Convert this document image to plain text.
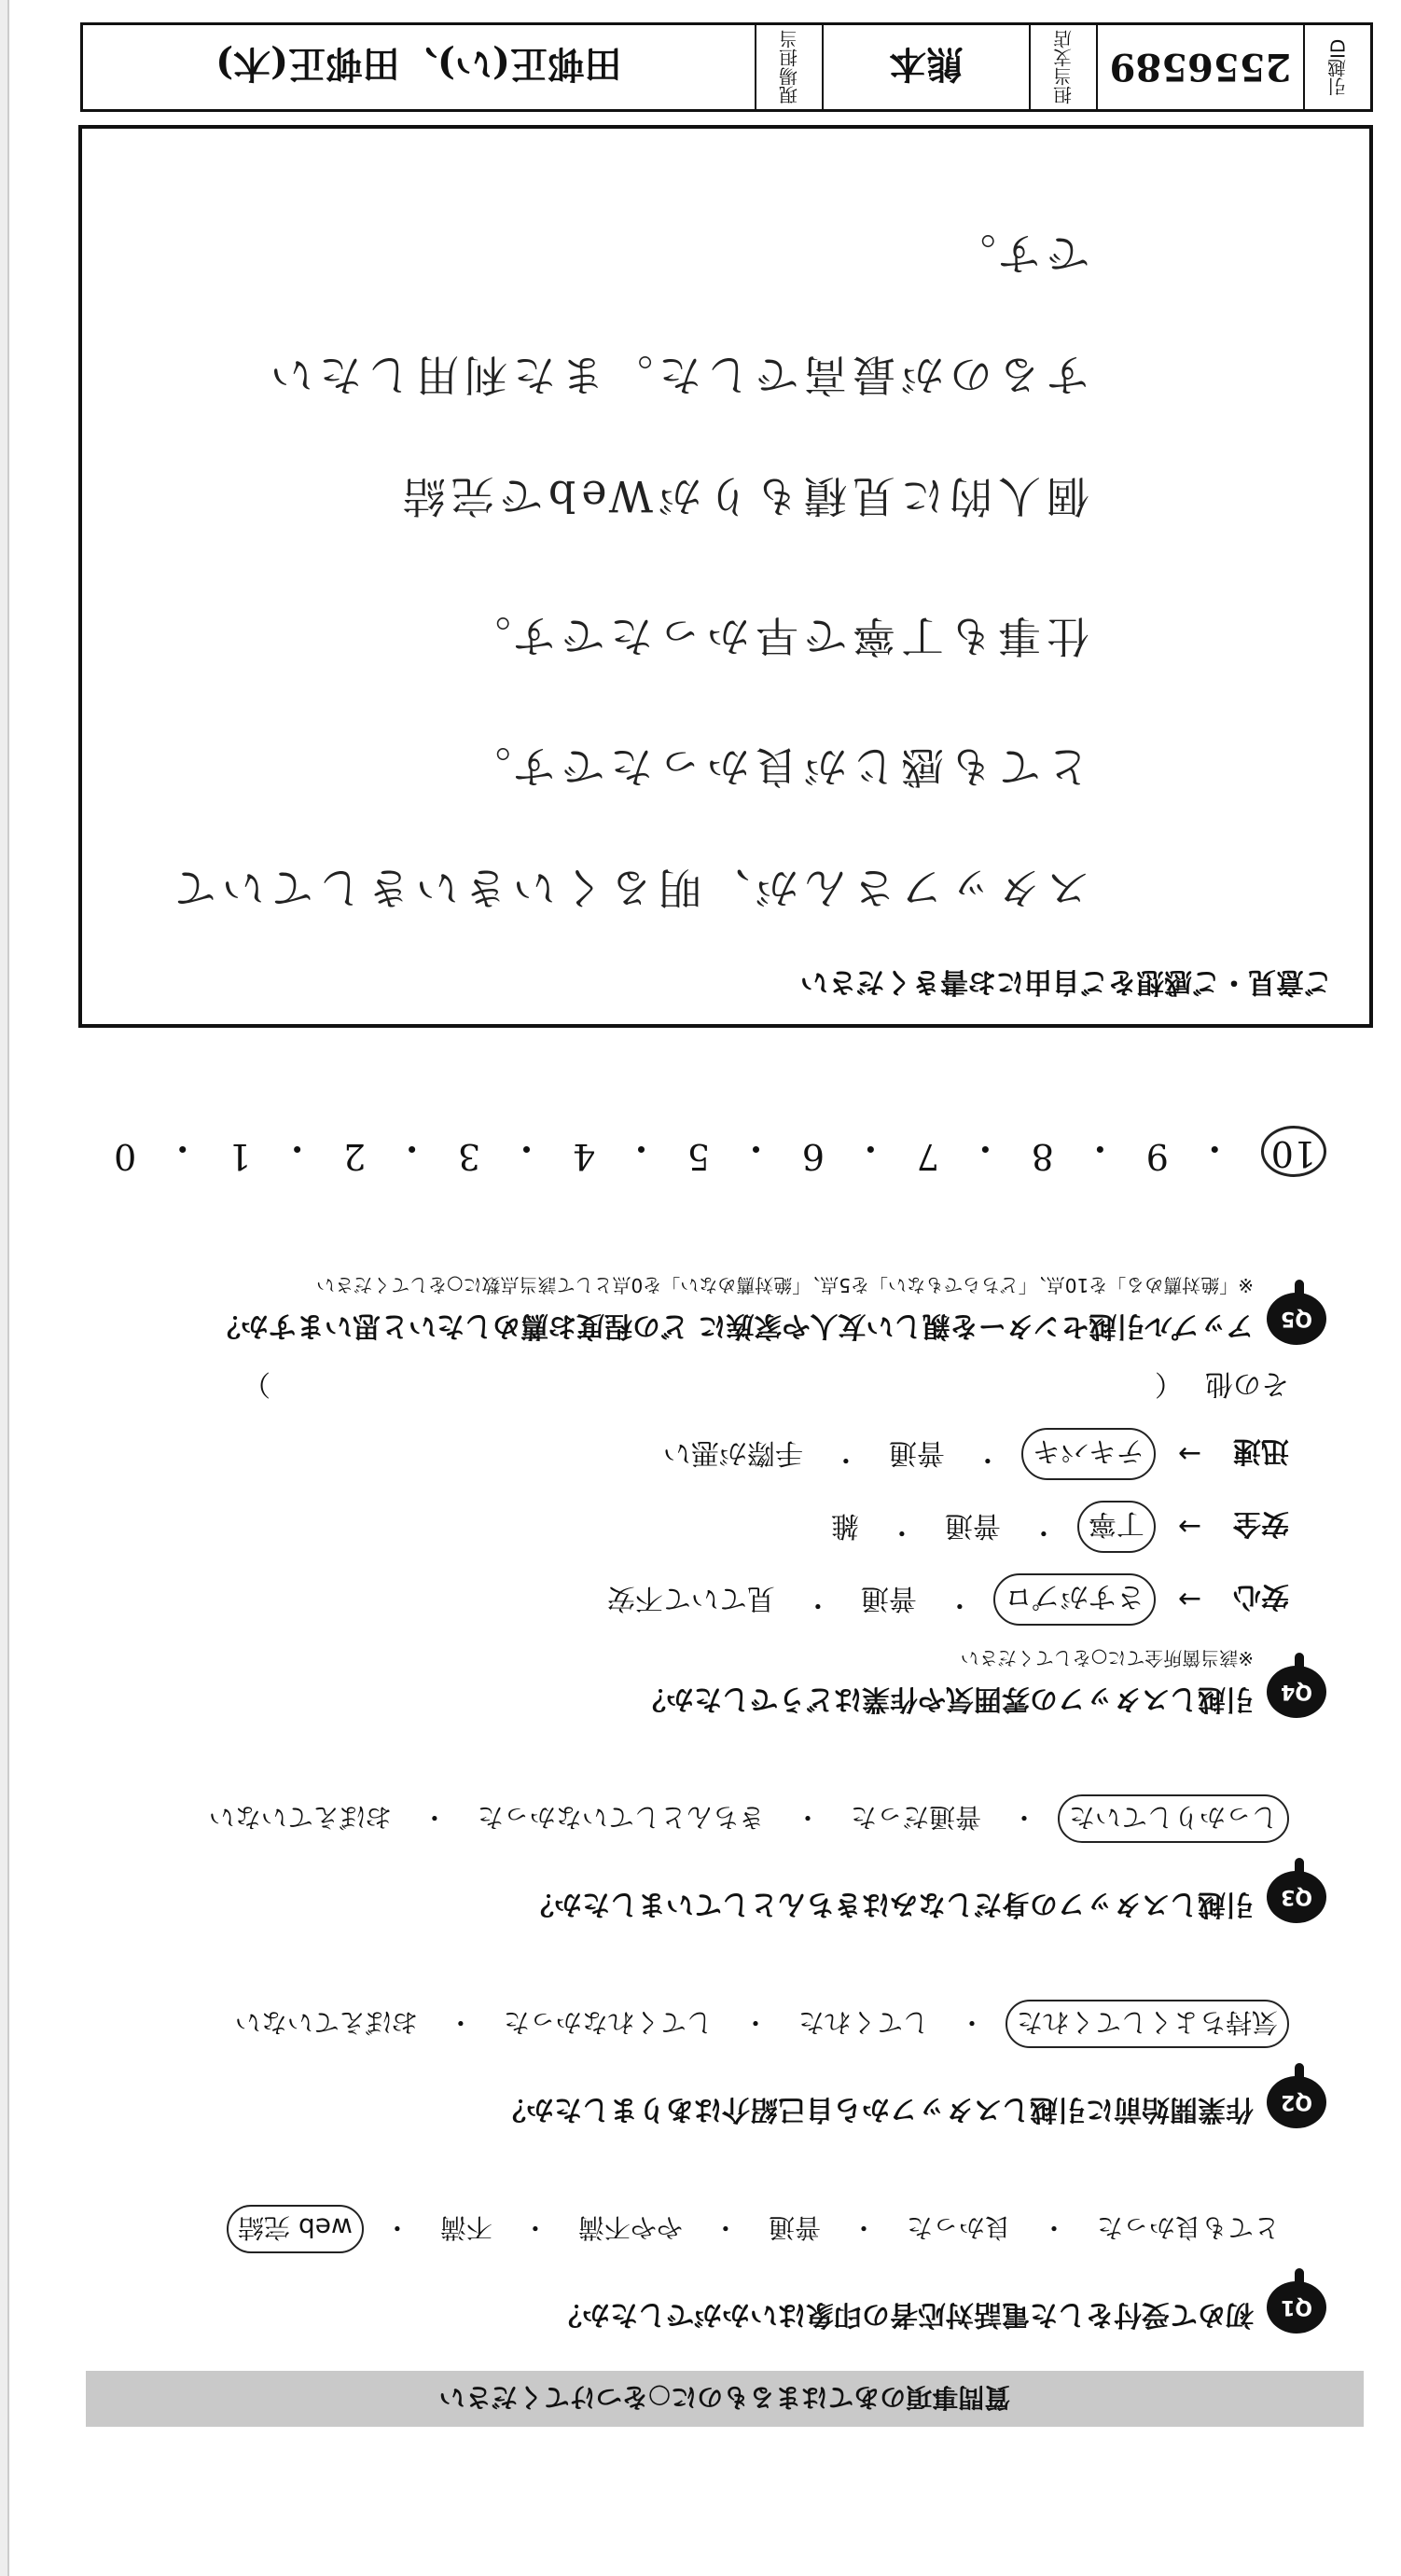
引越ID
2556589
担当支店
熊本
現場担当
田邨正(い)、田邨正(木)
質問事項のあてはまるものに○をつけてください
Q1
初めて受付をした電話対応者の印象はいかがでしたか？
とても良かった
・
良かった
・
普通
・
やや不満
・
不満
・
web 完結
Q2
作業開始前に引越しスタッフから自己紹介はありましたか？
気持ちよくしてくれた
・
してくれた
・
してくれなかった
・
おぼえていない
Q3
引越しスタッフの身だしなみはきちんとしていましたか？
しっかりしていた
・
普通だった
・
きちんとしていなかった
・
おぼえていない
Q4
引越しスタッフの雰囲気や作業はどうでしたか？
※該当箇所全てに○をしてください
安心
→
さすがプロ
・
普通
・
見ていて不安
安全
→
丁寧
・
普通
・
雑
迅速
→
テキパキ
・
普通
・
手際が悪い
その他
（
）
Q5
アップル引越センターを親しい友人や家族に どの程度お薦めしたいと思いますか？
※「絶対薦める」を10点、「どちらでもない」を5点、「絶対薦めない」を0点として該当点数に○をしてください
10
・
9
・
8
・
7
・
6
・
5
・
4
・
3
・
2
・
1
・
0
ご意見・ご感想をご自由にお書きください
スタッフさんが、明るくいきいきしていて
とても感じが良かったです。
仕事も丁寧で早かったです。
個人的に見積もりがWebで完結
するのが最高でした。また利用したい
です。
